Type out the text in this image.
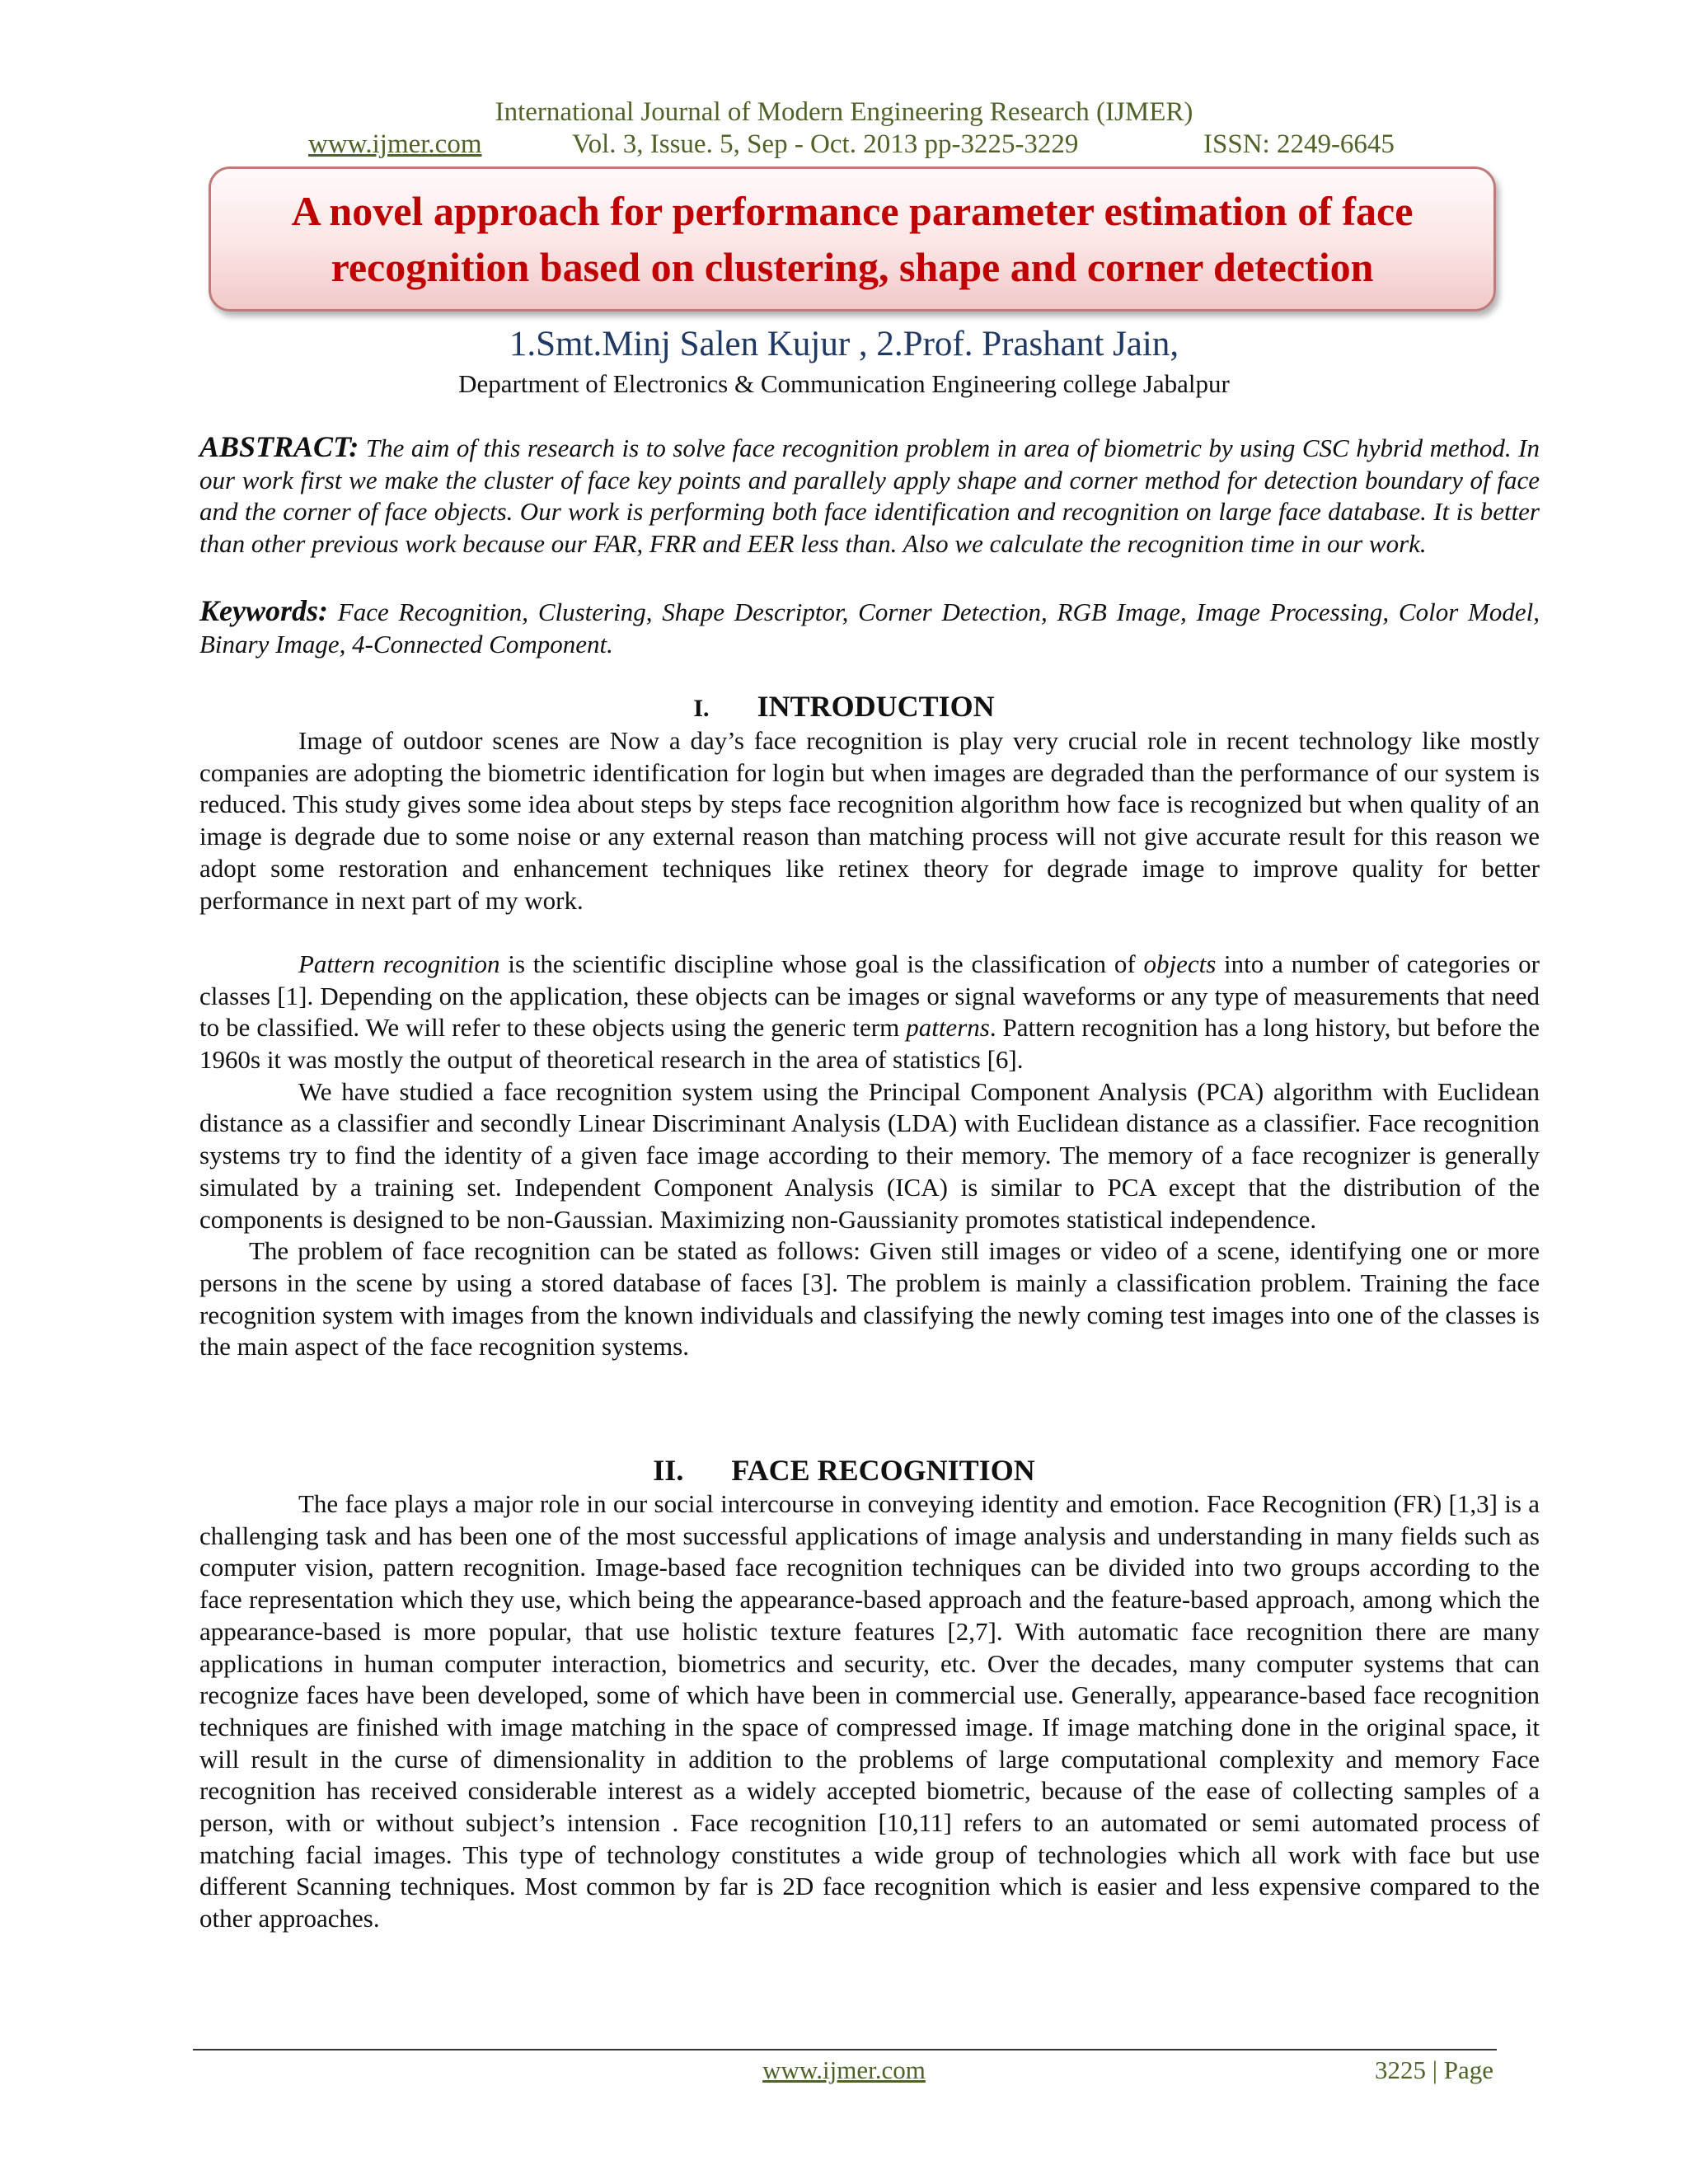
International Journal of Modern Engineering Research (IJMER)
www.ijmer.com	Vol. 3, Issue. 5, Sep - Oct. 2013 pp-3225-3229	ISSN: 2249-6645
A novel approach for performance parameter estimation of face
recognition based on clustering, shape and corner detection
1.Smt.Minj Salen Kujur , 2.Prof. Prashant Jain,
Department of Electronics & Communication Engineering college Jabalpur
ABSTRACT: The aim of this research is to solve face recognition problem in area of biometric by using CSC hybrid method. In our work first we make the cluster of face key points and parallely apply shape and corner method for detection boundary of face and the corner of face objects. Our work is performing both face identification and recognition on large face database. It is better than other previous work because our FAR, FRR and EER less than. Also we calculate the recognition time in our work.
Keywords: Face Recognition, Clustering, Shape Descriptor, Corner Detection, RGB Image, Image Processing, Color Model, Binary Image, 4-Connected Component.
I. INTRODUCTION
Image of outdoor scenes are Now a day’s face recognition is play very crucial role in recent technology like mostly companies are adopting the biometric identification for login but when images are degraded than the performance of our system is reduced. This study gives some idea about steps by steps face recognition algorithm how face is recognized but when quality of an image is degrade due to some noise or any external reason than matching process will not give accurate result for this reason we adopt some restoration and enhancement techniques like retinex theory for degrade image to improve quality for better performance in next part of my work.
Pattern recognition is the scientific discipline whose goal is the classification of objects into a number of categories or classes [1]. Depending on the application, these objects can be images or signal waveforms or any type of measurements that need to be classified. We will refer to these objects using the generic term patterns. Pattern recognition has a long history, but before the 1960s it was mostly the output of theoretical research in the area of statistics [6].
We have studied a face recognition system using the Principal Component Analysis (PCA) algorithm with Euclidean distance as a classifier and secondly Linear Discriminant Analysis (LDA) with Euclidean distance as a classifier. Face recognition systems try to find the identity of a given face image according to their memory. The memory of a face recognizer is generally simulated by a training set. Independent Component Analysis (ICA) is similar to PCA except that the distribution of the components is designed to be non-Gaussian. Maximizing non-Gaussianity promotes statistical independence.
The problem of face recognition can be stated as follows: Given still images or video of a scene, identifying one or more persons in the scene by using a stored database of faces [3]. The problem is mainly a classification problem. Training the face recognition system with images from the known individuals and classifying the newly coming test images into one of the classes is the main aspect of the face recognition systems.
II. FACE RECOGNITION
The face plays a major role in our social intercourse in conveying identity and emotion. Face Recognition (FR) [1,3] is a challenging task and has been one of the most successful applications of image analysis and understanding in many fields such as computer vision, pattern recognition. Image-based face recognition techniques can be divided into two groups according to the face representation which they use, which being the appearance-based approach and the feature-based approach, among which the appearance-based is more popular, that use holistic texture features [2,7]. With automatic face recognition there are many applications in human computer interaction, biometrics and security, etc. Over the decades, many computer systems that can recognize faces have been developed, some of which have been in commercial use. Generally, appearance-based face recognition techniques are finished with image matching in the space of compressed image. If image matching done in the original space, it will result in the curse of dimensionality in addition to the problems of large computational complexity and memory Face recognition has received considerable interest as a widely accepted biometric, because of the ease of collecting samples of a person, with or without subject’s intension . Face recognition [10,11] refers to an automated or semi automated process of matching facial images. This type of technology constitutes a wide group of technologies which all work with face but use different Scanning techniques. Most common by far is 2D face recognition which is easier and less expensive compared to the other approaches.
www.ijmer.com	3225 | Page
